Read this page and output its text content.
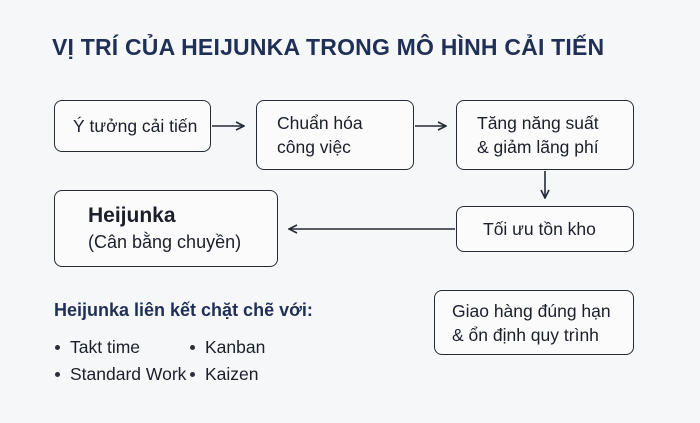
VỊ TRÍ CỦA HEIJUNKA TRONG MÔ HÌNH CẢI TIẾN
Ý tưởng cải tiến	Chuẩn hóa
công việc
Tăng năng suất
& giảm lãng phí
Tối ưu tồn kho
Heijunka
(Cân bằng chuyền)
Giao hàng đúng hạn
& ổn định quy trình
Heijunka liên kết chặt chẽ với:
Takt time	Kanban
Standard Work Kaizen
